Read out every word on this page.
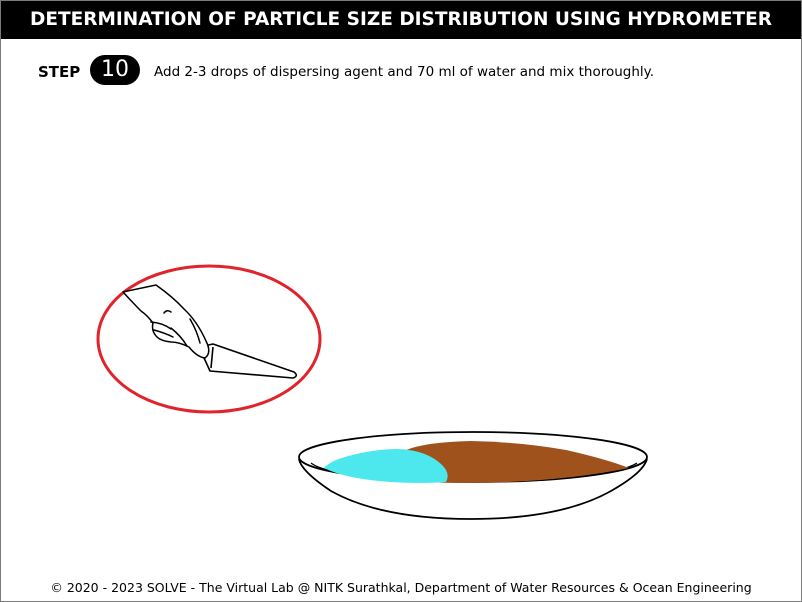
DETERMINATION OF PARTICLE SIZE DISTRIBUTION USING HYDROMETER
STEP 10	Add 2-3 drops of dispersing agent and 70 ml of water and mix thoroughly.
© 2020 - 2023 SOLVE - The Virtual Lab @ NITK Surathkal, Department of Water Resources & Ocean Engineering
